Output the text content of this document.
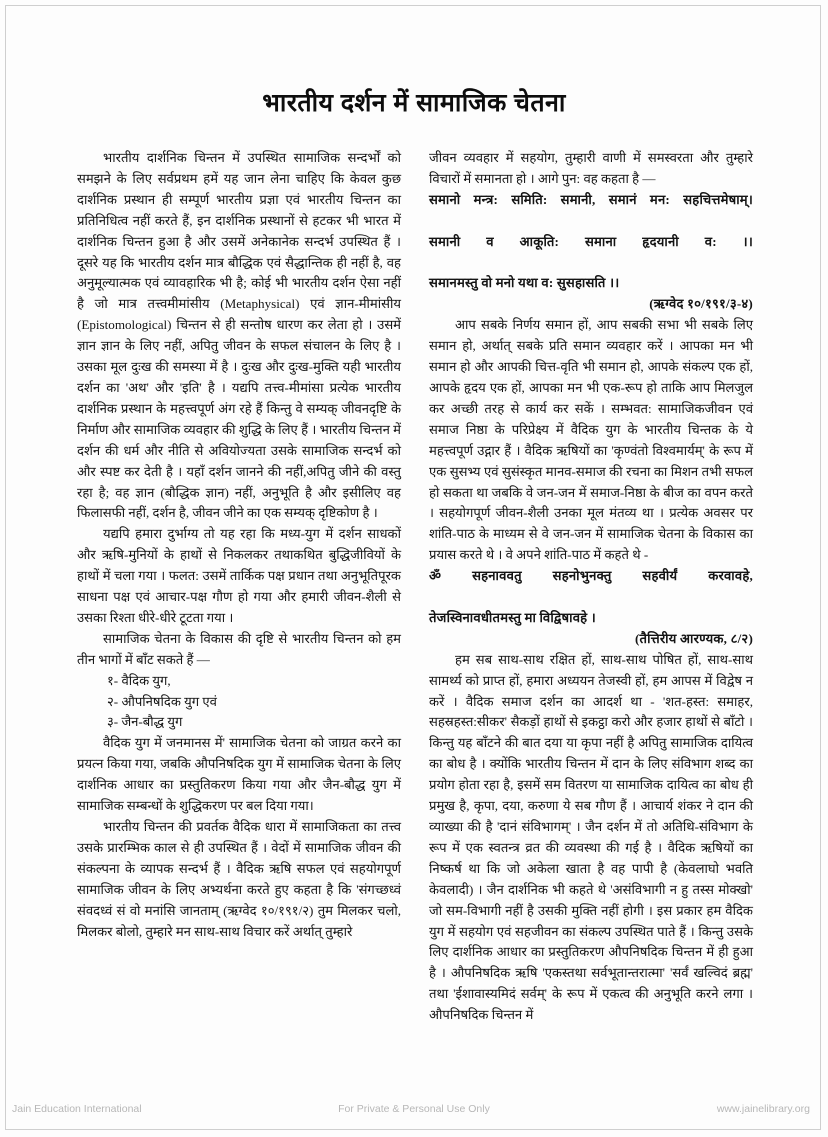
भारतीय दर्शन में सामाजिक चेतना

भारतीय दार्शनिक चिन्तन में उपस्थित सामाजिक सन्दर्भों को समझने के लिए सर्वप्रथम हमें यह जान लेना चाहिए कि केवल कुछ दार्शनिक प्रस्थान ही सम्पूर्ण भारतीय प्रज्ञा एवं भारतीय चिन्तन का प्रतिनिधित्व नहीं करते हैं, इन दार्शनिक प्रस्थानों से हटकर भी भारत में दार्शनिक चिन्तन हुआ है और उसमें अनेकानेक सन्दर्भ उपस्थित हैं । दूसरे यह कि भारतीय दर्शन मात्र बौद्धिक एवं सैद्धान्तिक ही नहीं है, वह अनुमूल्यात्मक एवं व्यावहारिक भी है; कोई भी भारतीय दर्शन ऐसा नहीं है जो मात्र तत्त्वमीमांसीय (Metaphysical) एवं ज्ञान-मीमांसीय (Epistomological) चिन्तन से ही सन्तोष धारण कर लेता हो । उसमें ज्ञान ज्ञान के लिए नहीं, अपितु जीवन के सफल संचालन के लिए है । उसका मूल दुःख की समस्या में है । दुःख और दुःख-मुक्ति यही भारतीय दर्शन का 'अथ' और 'इति' है । यद्यपि तत्त्व-मीमांसा प्रत्येक भारतीय दार्शनिक प्रस्थान के महत्त्वपूर्ण अंग रहे हैं किन्तु वे सम्यक् जीवनदृष्टि के निर्माण और सामाजिक व्यवहार की शुद्धि के लिए हैं । भारतीय चिन्तन में दर्शन की धर्म और नीति से अवियोज्यता उसके सामाजिक सन्दर्भ को और स्पष्ट कर देती है । यहाँ दर्शन जानने की नहीं,अपितु जीने की वस्तु रहा है; वह ज्ञान (बौद्धिक ज्ञान) नहीं, अनुभूति है और इसीलिए वह फिलासफी नहीं, दर्शन है, जीवन जीने का एक सम्यक् दृष्टिकोण है ।

यद्यपि हमारा दुर्भाग्य तो यह रहा कि मध्य-युग में दर्शन साधकों और ऋषि-मुनियों के हाथों से निकलकर तथाकथित बुद्धिजीवियों के हाथों में चला गया । फलत: उसमें तार्किक पक्ष प्रधान तथा अनुभूतिपूरक साधना पक्ष एवं आचार-पक्ष गौण हो गया और हमारी जीवन-शैली से उसका रिश्ता धीरे-धीरे टूटता गया ।

सामाजिक चेतना के विकास की दृष्टि से भारतीय चिन्तन को हम तीन भागों में बाँट सकते हैं —

१- वैदिक युग,
२- औपनिषदिक युग एवं
३- जैन-बौद्ध युग

वैदिक युग में जनमानस में' सामाजिक चेतना को जाग्रत करने का प्रयत्न किया गया, जबकि औपनिषदिक युग में सामाजिक चेतना के लिए दार्शनिक आधार का प्रस्तुतिकरण किया गया और जैन-बौद्ध युग में सामाजिक सम्बन्धों के शुद्धिकरण पर बल दिया गया।

भारतीय चिन्तन की प्रवर्तक वैदिक धारा में सामाजिकता का तत्त्व उसके प्रारम्भिक काल से ही उपस्थित हैं । वेदों में सामाजिक जीवन की संकल्पना के व्यापक सन्दर्भ हैं । वैदिक ऋषि सफल एवं सहयोगपूर्ण सामाजिक जीवन के लिए अभ्यर्थना करते हुए कहता है कि 'संगच्छध्वं संवदध्वं सं वो मनांसि जानताम् (ऋग्वेद १०/१९१/२) तुम मिलकर चलो, मिलकर बोलो, तुम्हारे मन साथ-साथ विचार करें अर्थात् तुम्हारे

जीवन व्यवहार में सहयोग, तुम्हारी वाणी में समस्वरता और तुम्हारे विचारों में समानता हो । आगे पुन: वह कहता है —

समानो मन्त्र: समिति: समानी, समानं मन: सहचित्तमेषाम्।
समानी व आकूति: समाना हृदयानी व: ।।
समानमस्तु वो मनो यथा व: सुसहासति ।।
(ऋग्वेद १०/१९१/३-४)

आप सबके निर्णय समान हों, आप सबकी सभा भी सबके लिए समान हो, अर्थात् सबके प्रति समान व्यवहार करें । आपका मन भी समान हो और आपकी चित्त-वृति भी समान हो, आपके संकल्प एक हों, आपके हृदय एक हों, आपका मन भी एक-रूप हो ताकि आप मिलजुल कर अच्छी तरह से कार्य कर सकें । सम्भवत: सामाजिकजीवन एवं समाज निष्ठा के परिप्रेक्ष्य में वैदिक युग के भारतीय चिन्तक के ये महत्त्वपूर्ण उद्गार हैं । वैदिक ऋषियों का 'कृण्वंतो विश्वमार्यम्' के रूप में एक सुसभ्य एवं सुसंस्कृत मानव-समाज की रचना का मिशन तभी सफल हो सकता था जबकि वे जन-जन में समाज-निष्ठा के बीज का वपन करते । सहयोगपूर्ण जीवन-शैली उनका मूल मंतव्य था । प्रत्येक अवसर पर शांति-पाठ के माध्यम से वे जन-जन में सामाजिक चेतना के विकास का प्रयास करते थे । वे अपने शांति-पाठ में कहते थे -

ॐ सहनाववतु सहनोभुनक्तु सहवीर्यं करवावहे,
तेजस्विनावधीतमस्तु मा विद्विषावहे ।
(तैत्तिरीय आरण्यक, ८/२)

हम सब साथ-साथ रक्षित हों, साथ-साथ पोषित हों, साथ-साथ सामर्थ्य को प्राप्त हों, हमारा अध्ययन तेजस्वी हों, हम आपस में विद्वेष न करें । वैदिक समाज दर्शन का आदर्श था - 'शत-हस्त: समाहर, सहस्रहस्त:सीकर' सैकड़ों हाथों से इकट्ठा करो और हजार हाथों से बाँटो । किन्तु यह बाँटने की बात दया या कृपा नहीं है अपितु सामाजिक दायित्व का बोध है । क्योंकि भारतीय चिन्तन में दान के लिए संविभाग शब्द का प्रयोग होता रहा है, इसमें सम वितरण या सामाजिक दायित्व का बोध ही प्रमुख है, कृपा, दया, करुणा ये सब गौण हैं । आचार्य शंकर ने दान की व्याख्या की है 'दानं संविभागम्' । जैन दर्शन में तो अतिथि-संविभाग के रूप में एक स्वतन्त्र व्रत की व्यवस्था की गई है । वैदिक ऋषियों का निष्कर्ष था कि जो अकेला खाता है वह पापी है (केवलाघो भवति केवलादी) । जैन दार्शनिक भी कहते थे 'असंविभागी न हु तस्स मोक्खो' जो सम-विभागी नहीं है उसकी मुक्ति नहीं होगी । इस प्रकार हम वैदिक युग में सहयोग एवं सहजीवन का संकल्प उपस्थित पाते हैं । किन्तु उसके लिए दार्शनिक आधार का प्रस्तुतिकरण औपनिषदिक चिन्तन में ही हुआ है । औपनिषदिक ऋषि 'एकस्तथा सर्वभूतान्तरात्मा' 'सर्वं खल्विदं ब्रह्म' तथा 'ईशावास्यमिदं सर्वम्' के रूप में एकत्व की अनुभूति करने लगा । औपनिषदिक चिन्तन में

Jain Education International	For Private & Personal Use Only	www.jainelibrary.org
